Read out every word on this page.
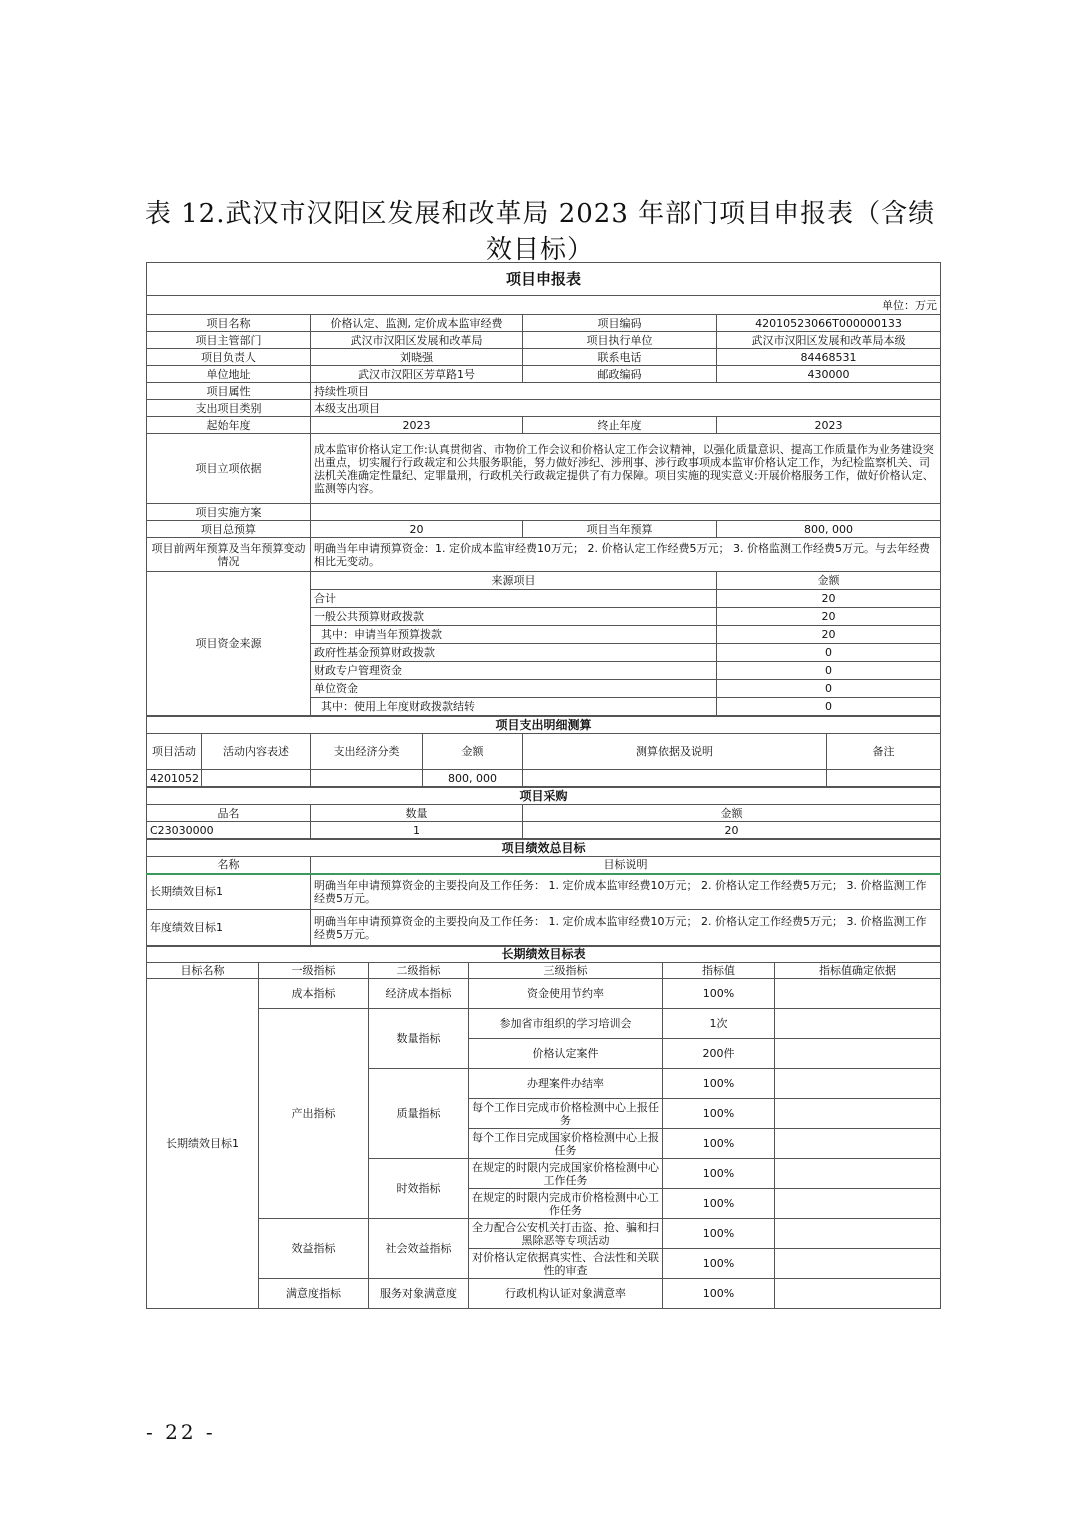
表 12.武汉市汉阳区发展和改革局 2023 年部门项目申报表（含绩
效目标）
项目申报表			
单位：万元			
项目名称	价格认定、监测, 定价成本监审经费	项目编码	42010523066T000000133
项目主管部门	武汉市汉阳区发展和改革局	项目执行单位	武汉市汉阳区发展和改革局本级
项目负责人	刘晓强	联系电话	84468531
单位地址	武汉市汉阳区芳草路1号	邮政编码	430000
项目属性	持续性项目		
支出项目类别	本级支出项目		
起始年度	2023	终止年度	2023
项目立项依据	成本监审价格认定工作:认真贯彻省、市物价工作会议和价格认定工作会议精神，以强化质量意识、提高工作质量作为业务建设突出重点，切实履行行政裁定和公共服务职能，努力做好涉纪、涉刑事、涉行政事项成本监审价格认定工作，为纪检监察机关、司法机关准确定性量纪、定罪量刑，行政机关行政裁定提供了有力保障。项目实施的现实意义:开展价格服务工作，做好价格认定、监测等内容。		
项目实施方案			
项目总预算	20	项目当年预算	800, 000
项目前两年预算及当年预算变动情况	明确当年申请预算资金：1. 定价成本监审经费10万元； 2. 价格认定工作经费5万元； 3. 价格监测工作经费5万元。与去年经费相比无变动。		
项目资金来源	来源项目		金额
	合计		20
	一般公共预算财政拨款		20
	其中：申请当年预算拨款		20
	政府性基金预算财政拨款		0
	财政专户管理资金		0
	单位资金		0
	其中：使用上年度财政拨款结转		0
项目支出明细测算					
项目活动	活动内容表述	支出经济分类	金额	测算依据及说明	备注
4201052			800, 000		
项目采购		
品名	数量	金额
C23030000	1	20
项目绩效总目标	
名称	目标说明
长期绩效目标1	明确当年申请预算资金的主要投向及工作任务： 1. 定价成本监审经费10万元； 2. 价格认定工作经费5万元； 3. 价格监测工作经费5万元。
年度绩效目标1	明确当年申请预算资金的主要投向及工作任务： 1. 定价成本监审经费10万元； 2. 价格认定工作经费5万元； 3. 价格监测工作经费5万元。
长期绩效目标表					
目标名称	一级指标	二级指标	三级指标	指标值	指标值确定依据
长期绩效目标1	成本指标	经济成本指标	资金使用节约率	100%	
	产出指标	数量指标	参加省市组织的学习培训会	1次	
			价格认定案件	200件	
		质量指标	办理案件办结率	100%	
			每个工作日完成市价格检测中心上报任务	100%	
			每个工作日完成国家价格检测中心上报任务	100%	
		时效指标	在规定的时限内完成国家价格检测中心工作任务	100%	
			在规定的时限内完成市价格检测中心工作任务	100%	
	效益指标	社会效益指标	全力配合公安机关打击盗、抢、骗和扫黑除恶等专项活动	100%	
			对价格认定依据真实性、合法性和关联性的审查	100%	
	满意度指标	服务对象满意度	行政机构认证对象满意率	100%	
- 22 -
